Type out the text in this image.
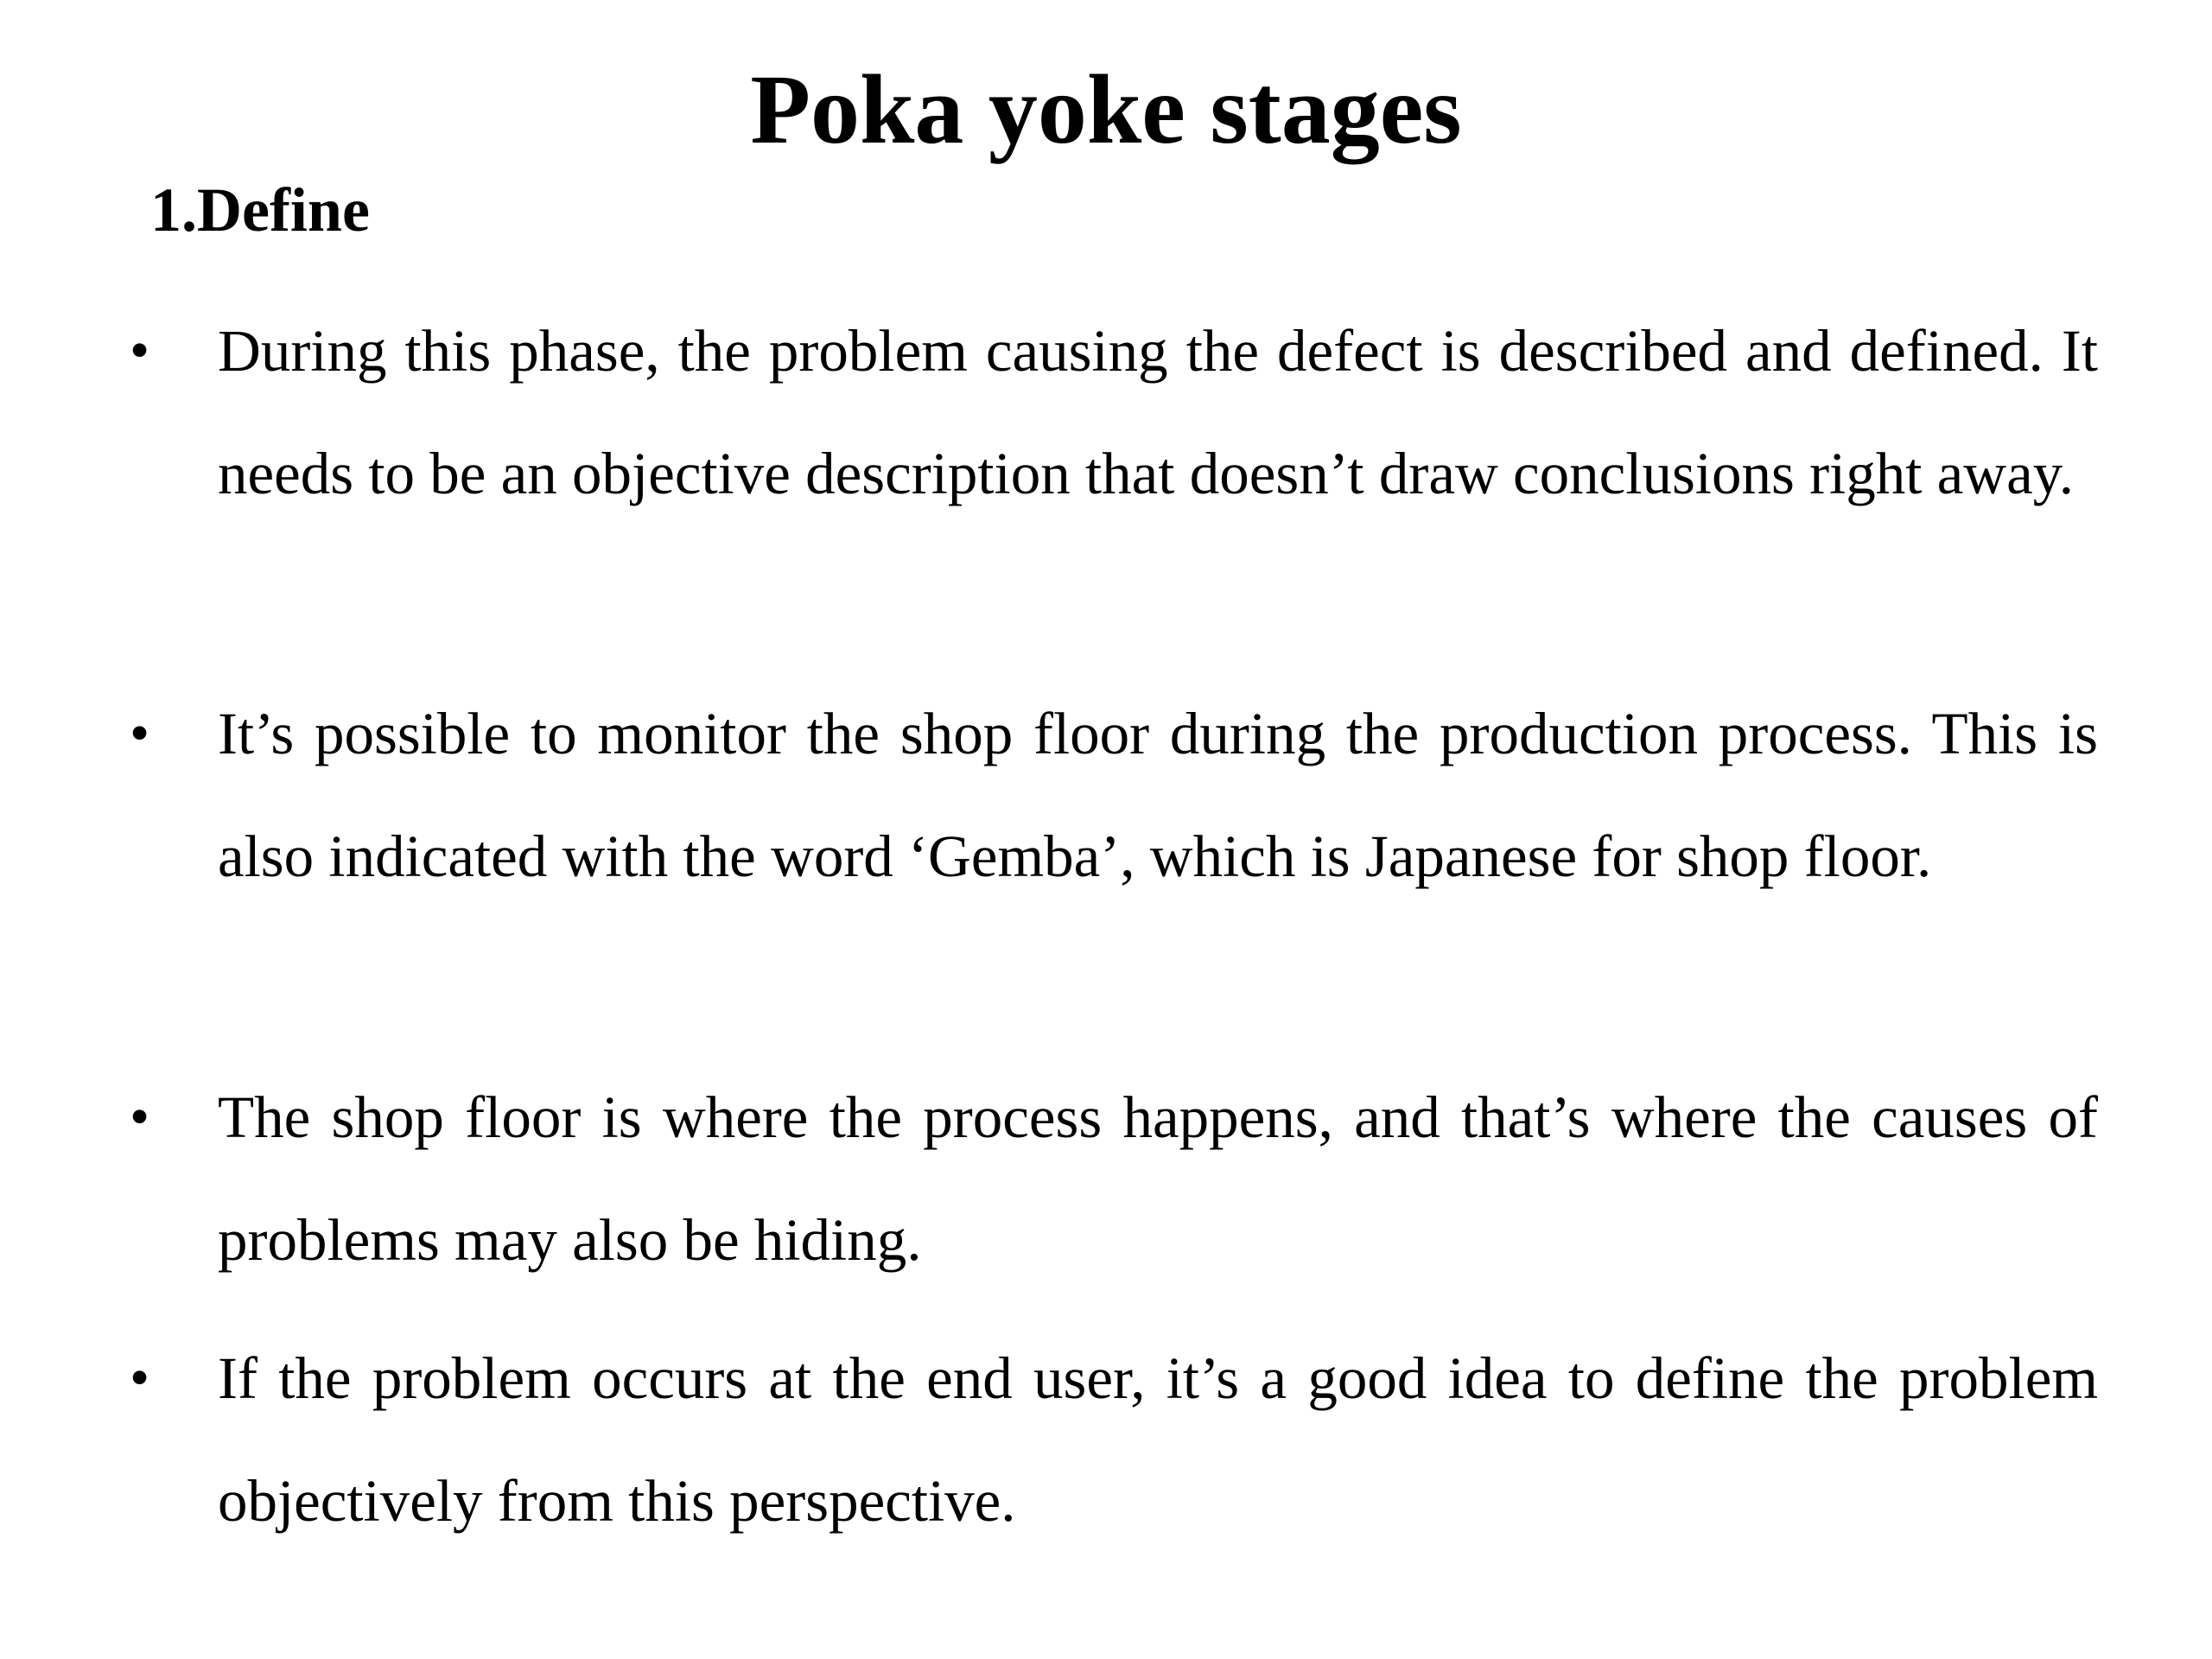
Poka yoke stages
1.Define
• During this phase, the problem causing the defect is described and defined. It needs to be an objective description that doesn’t draw conclusions right away.

• It’s possible to monitor the shop floor during the production process. This is also indicated with the word ‘Gemba’, which is Japanese for shop floor.

• The shop floor is where the process happens, and that’s where the causes of problems may also be hiding.

• If the problem occurs at the end user, it’s a good idea to define the problem objectively from this perspective.
